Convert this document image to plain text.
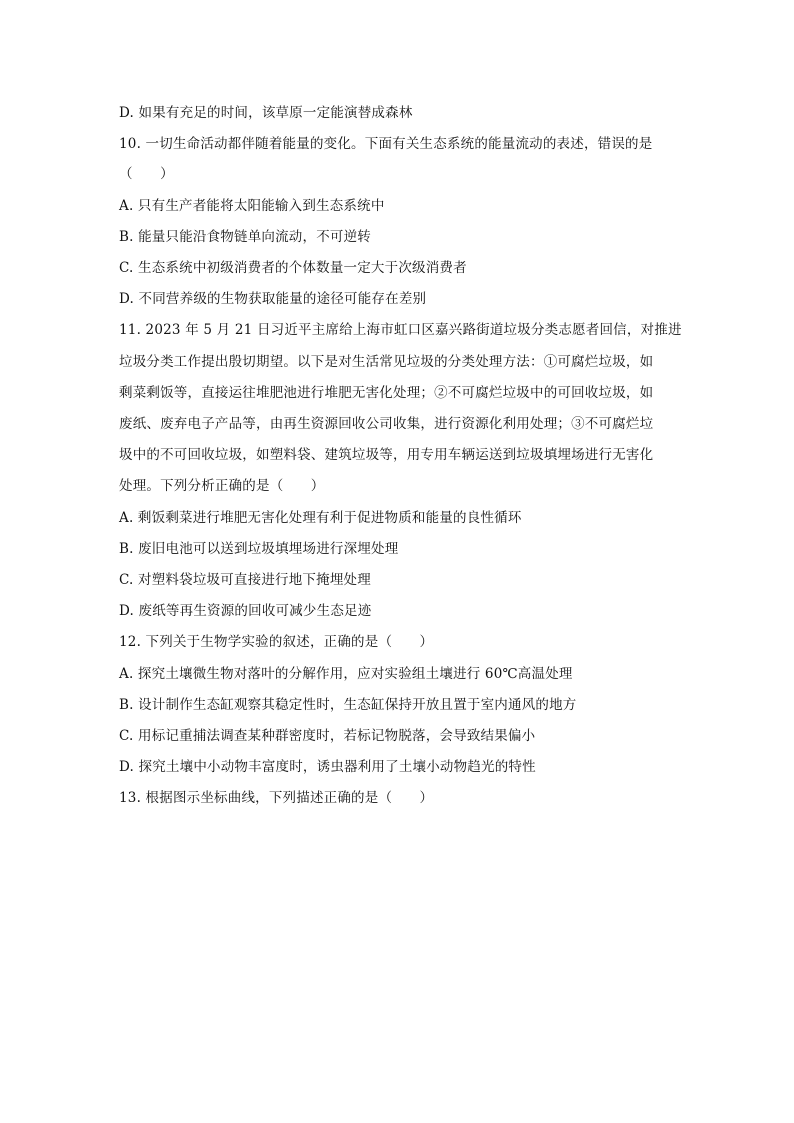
D. 如果有充足的时间，该草原一定能演替成森林
10. 一切生命活动都伴随着能量的变化。下面有关生态系统的能量流动的表述，错误的是
（　　）
A. 只有生产者能将太阳能输入到生态系统中
B. 能量只能沿食物链单向流动，不可逆转
C. 生态系统中初级消费者的个体数量一定大于次级消费者
D. 不同营养级的生物获取能量的途径可能存在差别
11. 2023 年 5 月 21 日习近平主席给上海市虹口区嘉兴路街道垃圾分类志愿者回信，对推进
垃圾分类工作提出殷切期望。以下是对生活常见垃圾的分类处理方法：①可腐烂垃圾，如
剩菜剩饭等，直接运往堆肥池进行堆肥无害化处理；②不可腐烂垃圾中的可回收垃圾，如
废纸、废弃电子产品等，由再生资源回收公司收集，进行资源化利用处理；③不可腐烂垃
圾中的不可回收垃圾，如塑料袋、建筑垃圾等，用专用车辆运送到垃圾填埋场进行无害化
处理。下列分析正确的是（　　）
A. 剩饭剩菜进行堆肥无害化处理有利于促进物质和能量的良性循环
B. 废旧电池可以送到垃圾填埋场进行深埋处理
C. 对塑料袋垃圾可直接进行地下掩埋处理
D. 废纸等再生资源的回收可减少生态足迹
12. 下列关于生物学实验的叙述，正确的是（　　）
A. 探究土壤微生物对落叶的分解作用，应对实验组土壤进行 60℃高温处理
B. 设计制作生态缸观察其稳定性时，生态缸保持开放且置于室内通风的地方
C. 用标记重捕法调查某种群密度时，若标记物脱落，会导致结果偏小
D. 探究土壤中小动物丰富度时，诱虫器利用了土壤小动物趋光的特性
13. 根据图示坐标曲线，下列描述正确的是（　　）
